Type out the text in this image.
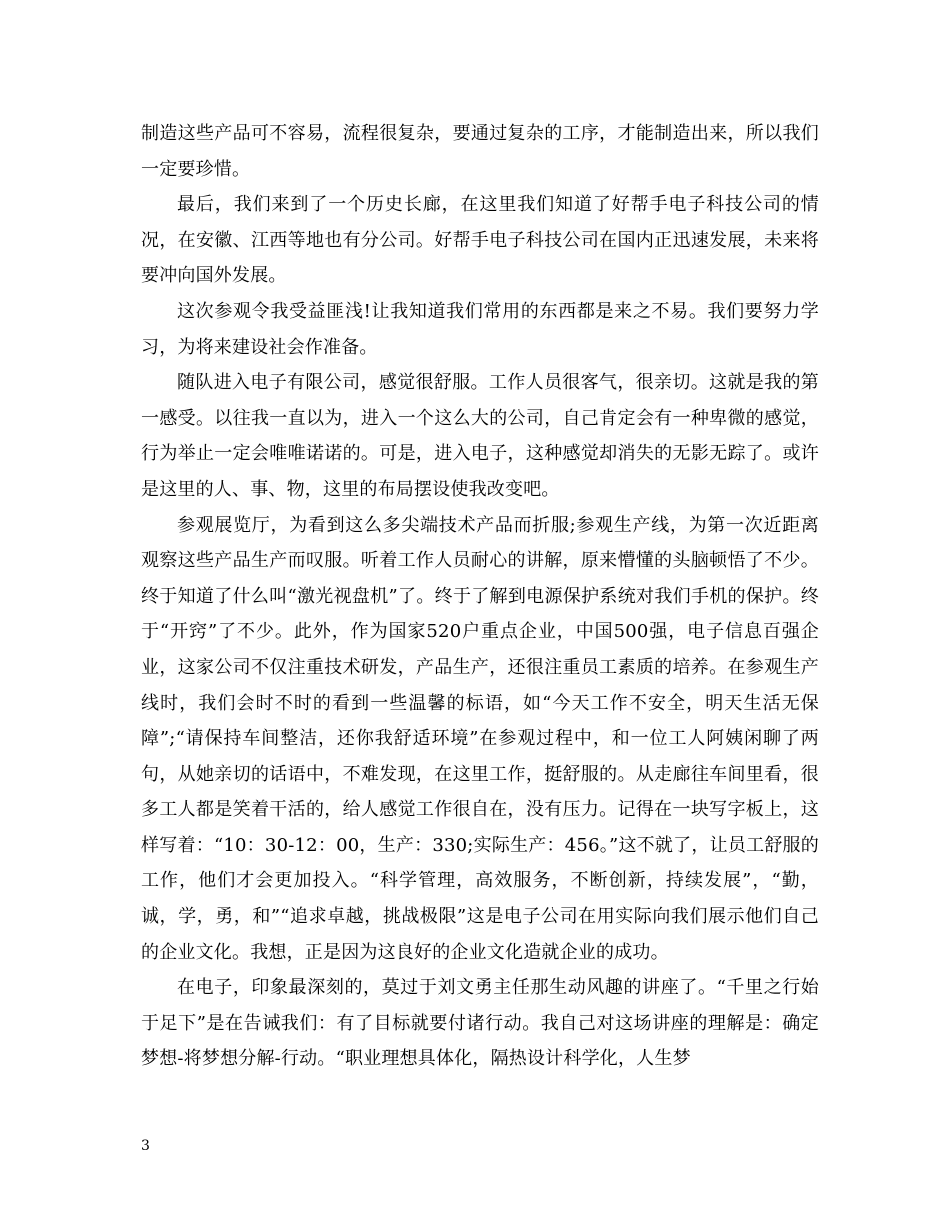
制造这些产品可不容易，流程很复杂，要通过复杂的工序，才能制造出来，所以我们一定要珍惜。

最后，我们来到了一个历史长廊，在这里我们知道了好帮手电子科技公司的情况，在安徽、江西等地也有分公司。好帮手电子科技公司在国内正迅速发展，未来将要冲向国外发展。

这次参观令我受益匪浅!让我知道我们常用的东西都是来之不易。我们要努力学习，为将来建设社会作准备。

随队进入电子有限公司，感觉很舒服。工作人员很客气，很亲切。这就是我的第一感受。以往我一直以为，进入一个这么大的公司，自己肯定会有一种卑微的感觉，行为举止一定会唯唯诺诺的。可是，进入电子，这种感觉却消失的无影无踪了。或许是这里的人、事、物，这里的布局摆设使我改变吧。

参观展览厅，为看到这么多尖端技术产品而折服;参观生产线，为第一次近距离观察这些产品生产而叹服。听着工作人员耐心的讲解，原来懵懂的头脑顿悟了不少。终于知道了什么叫“激光视盘机”了。终于了解到电源保护系统对我们手机的保护。终于“开窍”了不少。此外，作为国家520户重点企业，中国500强，电子信息百强企业，这家公司不仅注重技术研发，产品生产，还很注重员工素质的培养。在参观生产线时，我们会时不时的看到一些温馨的标语，如“今天工作不安全，明天生活无保障”;“请保持车间整洁，还你我舒适环境”在参观过程中，和一位工人阿姨闲聊了两句，从她亲切的话语中，不难发现，在这里工作，挺舒服的。从走廊往车间里看，很多工人都是笑着干活的，给人感觉工作很自在，没有压力。记得在一块写字板上，这样写着：“10：30-12：00，生产：330;实际生产：456。”这不就了，让员工舒服的工作，他们才会更加投入。“科学管理，高效服务，不断创新，持续发展”，“勤，诚，学，勇，和”“追求卓越，挑战极限”这是电子公司在用实际向我们展示他们自己的企业文化。我想，正是因为这良好的企业文化造就企业的成功。

在电子，印象最深刻的，莫过于刘文勇主任那生动风趣的讲座了。“千里之行始于足下”是在告诫我们：有了目标就要付诸行动。我自己对这场讲座的理解是：确定梦想-将梦想分解-行动。“职业理想具体化，隔热设计科学化，人生梦

3
